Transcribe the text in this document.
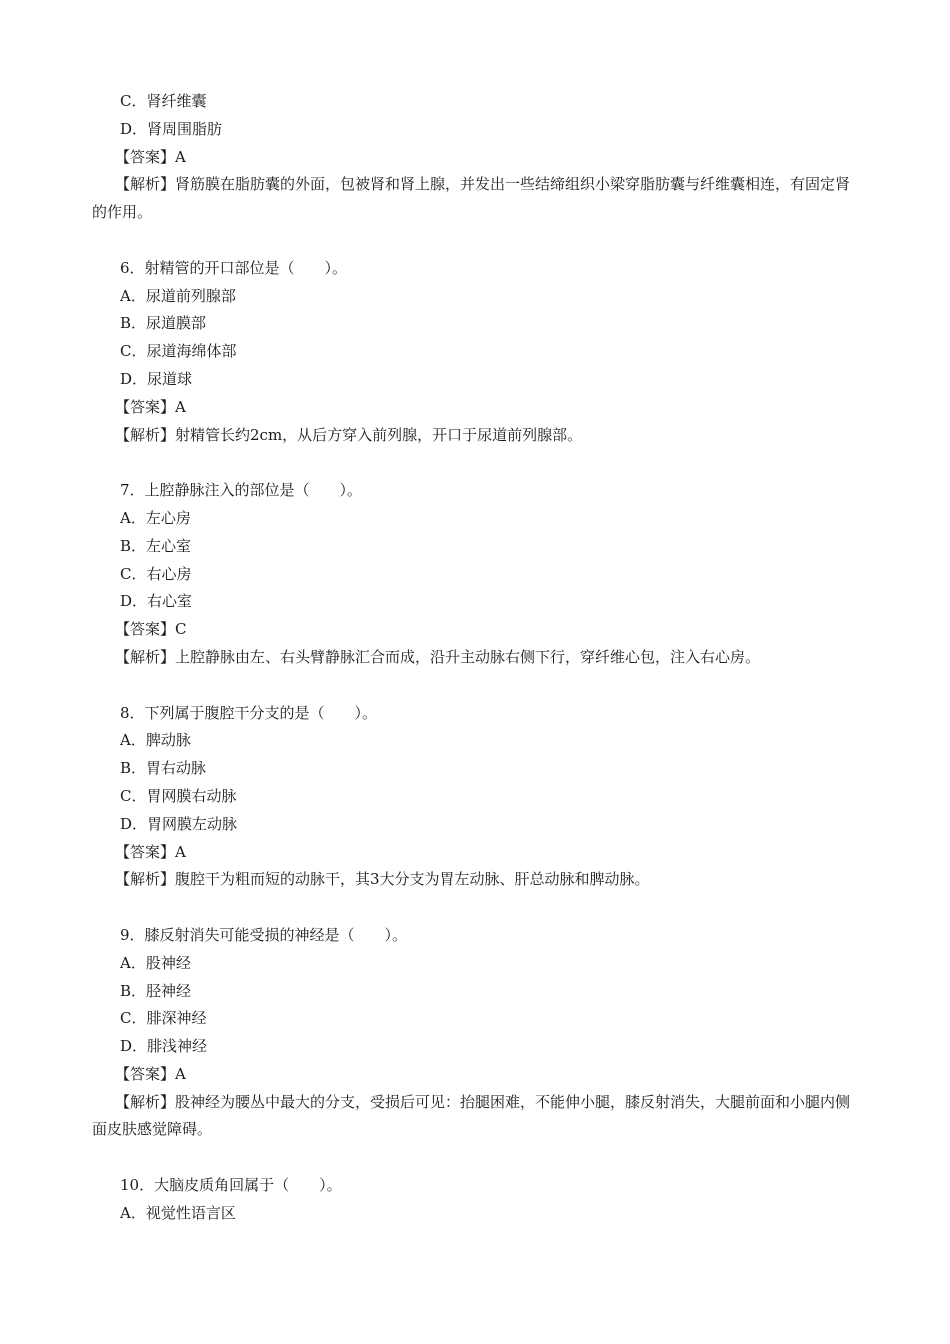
C．肾纤维囊
D．肾周围脂肪
【答案】A
【解析】肾筋膜在脂肪囊的外面，包被肾和肾上腺，并发出一些结缔组织小梁穿脂肪囊与纤维囊相连，有固定肾的作用。
6．射精管的开口部位是（　　）。
A．尿道前列腺部
B．尿道膜部
C．尿道海绵体部
D．尿道球
【答案】A
【解析】射精管长约2cm，从后方穿入前列腺，开口于尿道前列腺部。
7．上腔静脉注入的部位是（　　）。
A．左心房
B．左心室
C．右心房
D．右心室
【答案】C
【解析】上腔静脉由左、右头臂静脉汇合而成，沿升主动脉右侧下行，穿纤维心包，注入右心房。
8．下列属于腹腔干分支的是（　　）。
A．脾动脉
B．胃右动脉
C．胃网膜右动脉
D．胃网膜左动脉
【答案】A
【解析】腹腔干为粗而短的动脉干，其3大分支为胃左动脉、肝总动脉和脾动脉。
9．膝反射消失可能受损的神经是（　　）。
A．股神经
B．胫神经
C．腓深神经
D．腓浅神经
【答案】A
【解析】股神经为腰丛中最大的分支，受损后可见：抬腿困难，不能伸小腿，膝反射消失，大腿前面和小腿内侧面皮肤感觉障碍。
10．大脑皮质角回属于（　　）。
A．视觉性语言区
